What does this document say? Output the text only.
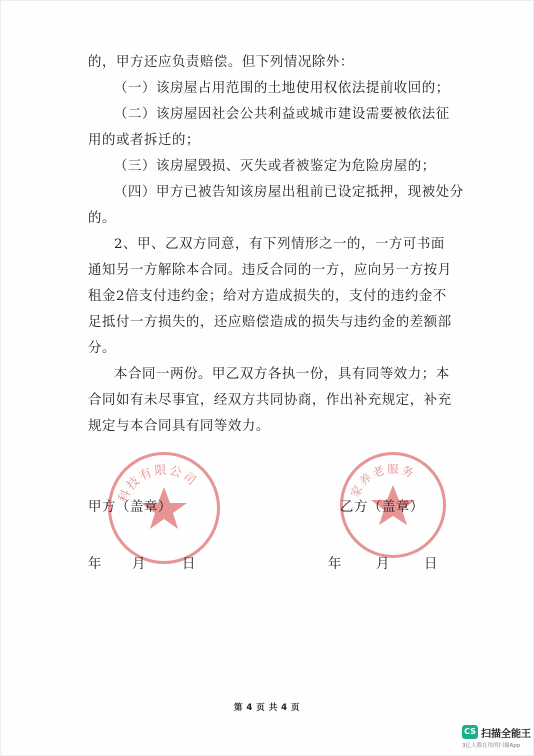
的，甲方还应负责赔偿。但下列情况除外：
（一）该房屋占用范围的土地使用权依法提前收回的；
（二）该房屋因社会公共利益或城市建设需要被依法征
用的或者拆迁的；
（三）该房屋毁损、灭失或者被鉴定为危险房屋的；
（四）甲方已被告知该房屋出租前已设定抵押，现被处分
的。
2、甲、乙双方同意，有下列情形之一的，一方可书面
通知另一方解除本合同。违反合同的一方，应向另一方按月
租金2倍支付违约金；给对方造成损失的，支付的违约金不
足抵付一方损失的，还应赔偿造成的损失与违约金的差额部
分。
本合同一两份。甲乙双方各执一份，具有同等效力；本
合同如有未尽事宜，经双方共同协商，作出补充规定，补充
规定与本合同具有同等效力。
科技有限公司
家养老服务
甲方（盖章）	乙方（盖章）
年 月	日	年	月	日
第 4 页 共 4 页
CS 扫描全能王
3亿人都在用的扫描App
